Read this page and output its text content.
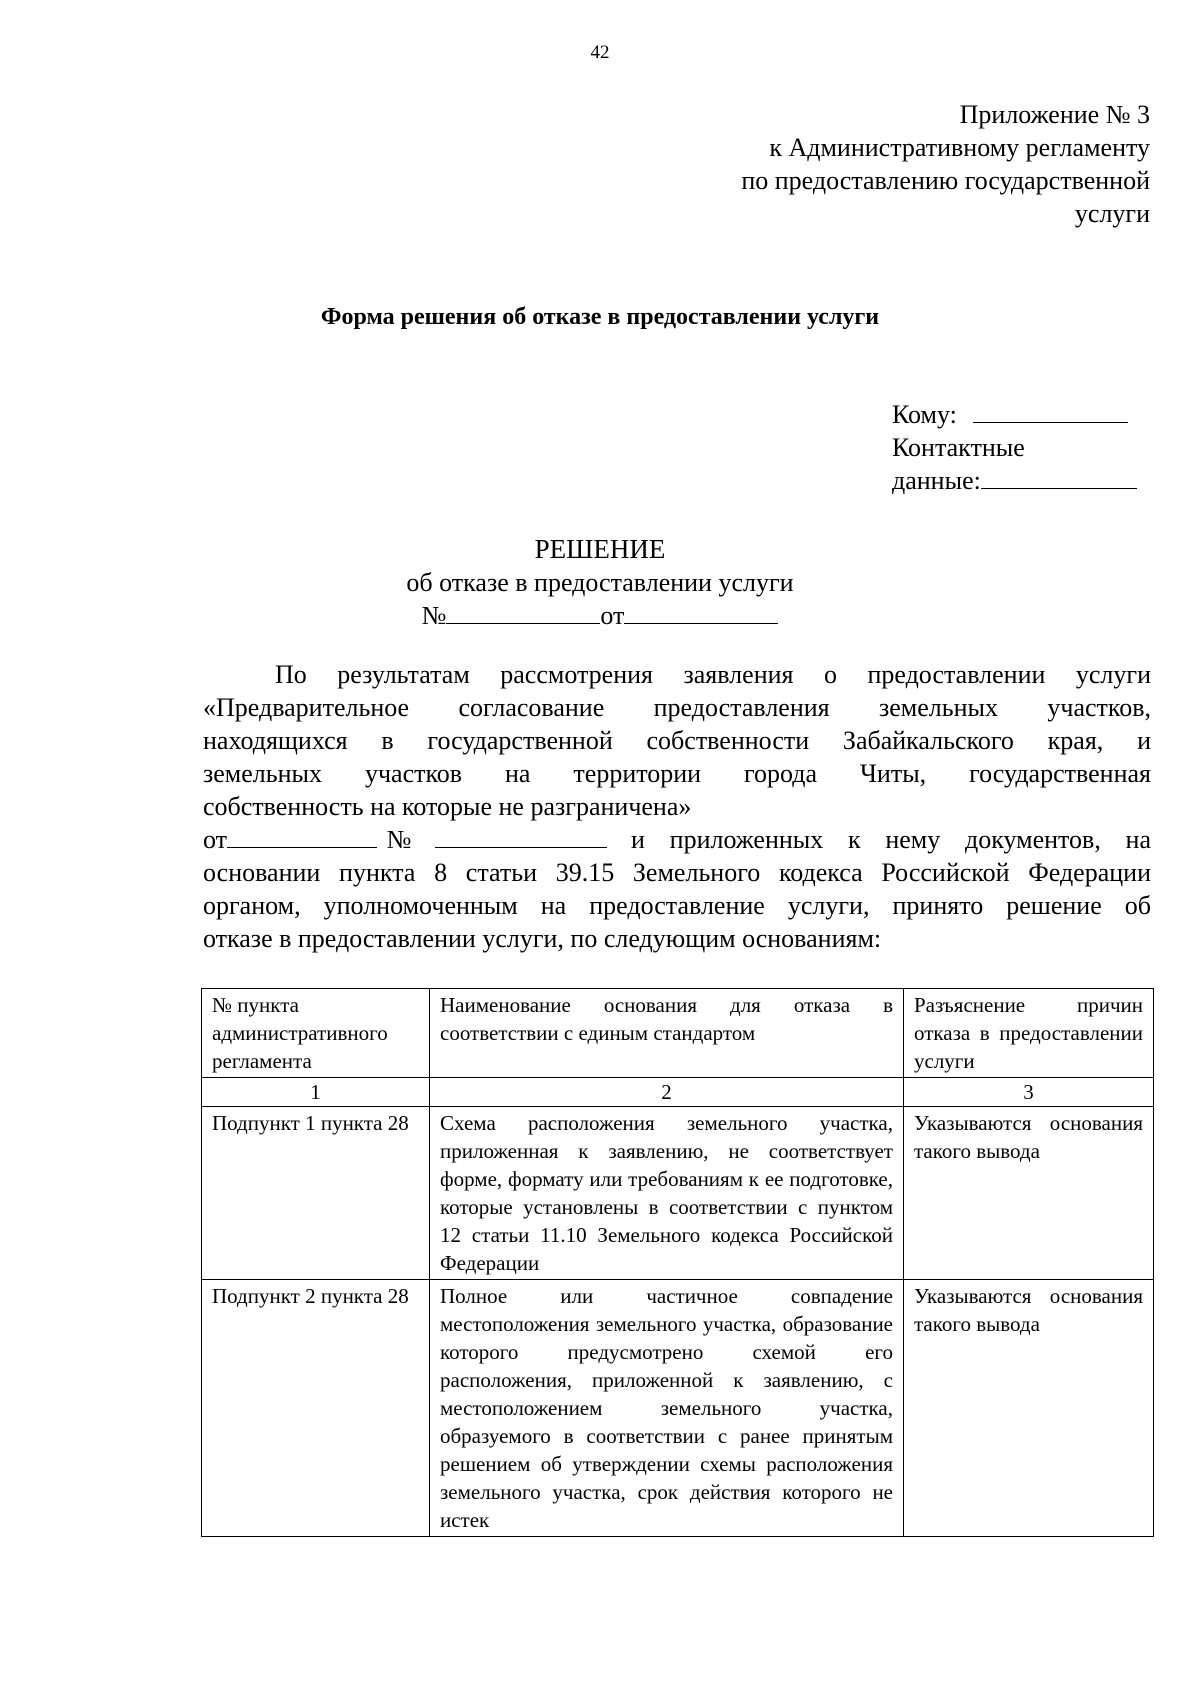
42
Приложение № 3
к Административному регламенту
по предоставлению государственной
услуги
Форма решения об отказе в предоставлении услуги
Кому:
Контактные
данные:
РЕШЕНИЕ
об отказе в предоставлении услуги
№	от

По результатам рассмотрения заявления о предоставлении услуги

«Предварительное согласование предоставления земельных участков,

находящихся в государственной собственности Забайкальского края, и

земельных участков на территории города Читы, государственная

собственность на которые не разграничена»

от	№	и приложенных к нему документов, на

основании пункта 8 статьи 39.15 Земельного кодекса Российской Федерации

органом, уполномоченным на предоставление услуги, принято решение об

отказе в предоставлении услуги, по следующим основаниям:

№ пункта административного регламента	Наименование основания для отказа в соответствии с единым стандартом	Разъяснение причин отказа в предоставлении услуги
1	2	3
Подпункт 1 пункта 28	Схема расположения земельного участка, приложенная к заявлению, не соответствует форме, формату или требованиям к ее подготовке, которые установлены в соответствии с пунктом 12 статьи 11.10 Земельного кодекса Российской Федерации	Указываются основания такого вывода
Подпункт 2 пункта 28	Полное или частичное совпадение местоположения земельного участка, образование которого предусмотрено схемой его расположения, приложенной к заявлению, с местоположением земельного участка, образуемого в соответствии с ранее принятым решением об утверждении схемы расположения земельного участка, срок действия которого не истек	Указываются основания такого вывода
